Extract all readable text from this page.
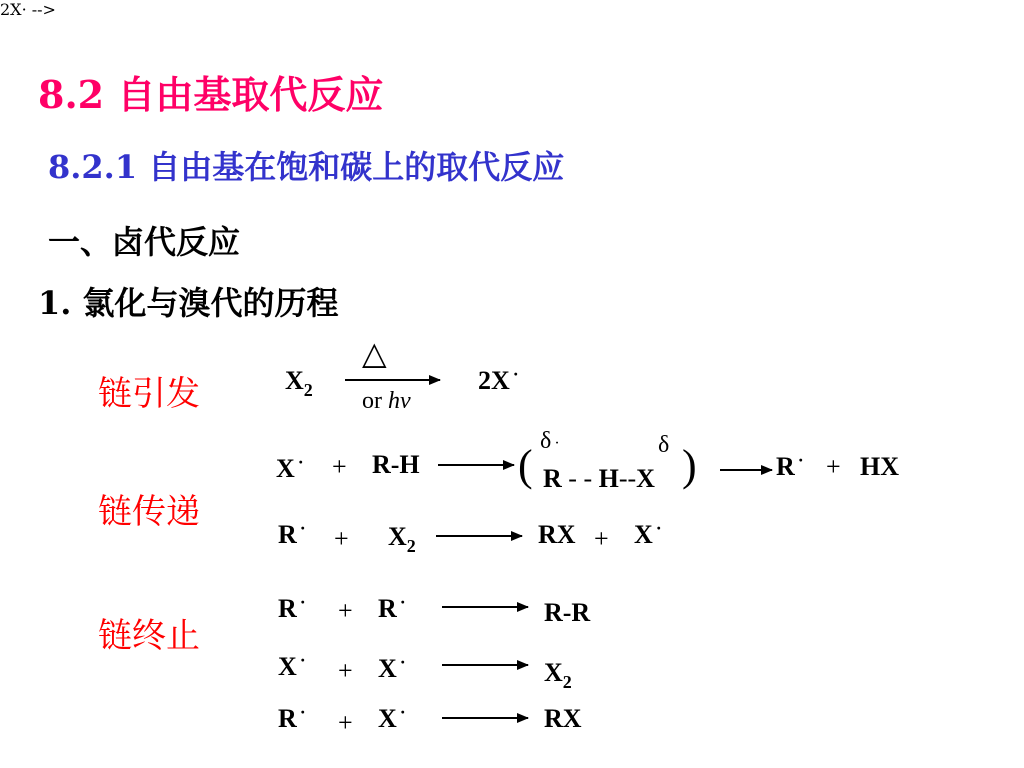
8.2 自由基取代反应
8.2.1 自由基在饱和碳上的取代反应
一、卤代反应
1. 氯化与溴代的历程
链引发
链传递
链终止
2X· -->
$X_2$
△
or hv
2X ·
X · + R-H ( δ ·	δ
R - - H--X )	R · + HX
R $^\cdot + X_2$	RX + X ·
R · + R ·	R-R
X · + X ·	$X_2$
R · + X ·	RX
